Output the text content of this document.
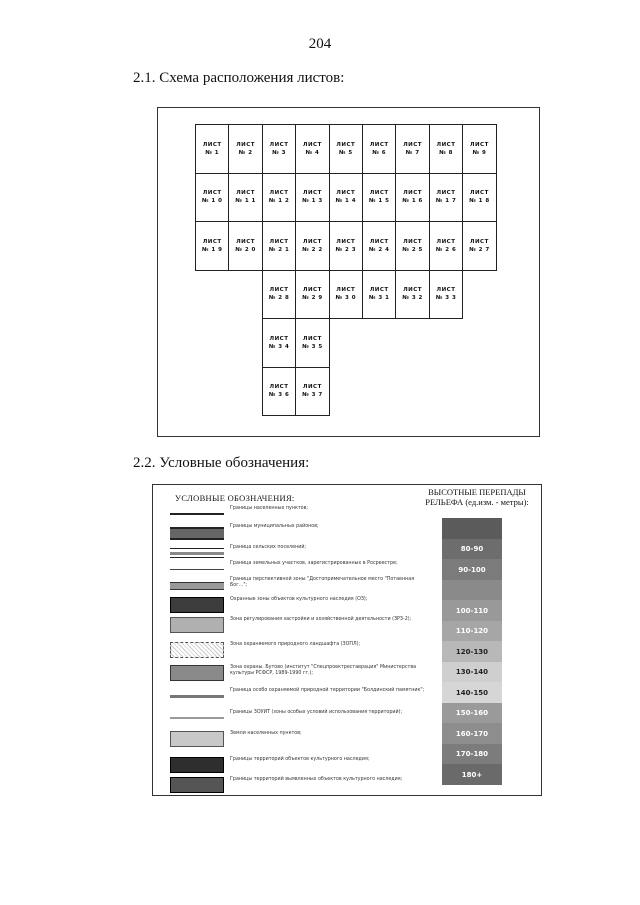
204
2.1. Схема расположения листов:
ЛИСТ
№ 1
ЛИСТ
№ 2
ЛИСТ
№ 3
ЛИСТ
№ 4
ЛИСТ
№ 5
ЛИСТ
№ 6
ЛИСТ
№ 7
ЛИСТ
№ 8
ЛИСТ
№ 9
ЛИСТ
№ 1 0
ЛИСТ
№ 1 1
ЛИСТ
№ 1 2
ЛИСТ
№ 1 3
ЛИСТ
№ 1 4
ЛИСТ
№ 1 5
ЛИСТ
№ 1 6
ЛИСТ
№ 1 7
ЛИСТ
№ 1 8
ЛИСТ
№ 1 9
ЛИСТ
№ 2 0
ЛИСТ
№ 2 1
ЛИСТ
№ 2 2
ЛИСТ
№ 2 3
ЛИСТ
№ 2 4
ЛИСТ
№ 2 5
ЛИСТ
№ 2 6
ЛИСТ
№ 2 7
ЛИСТ
№ 2 8
ЛИСТ
№ 2 9
ЛИСТ
№ 3 0
ЛИСТ
№ 3 1
ЛИСТ
№ 3 2
ЛИСТ
№ 3 3
ЛИСТ
№ 3 4
ЛИСТ
№ 3 5
ЛИСТ
№ 3 6
ЛИСТ
№ 3 7
2.2. Условные обозначения:
УСЛОВНЫЕ ОБОЗНАЧЕНИЯ:
ВЫСОТНЫЕ ПЕРЕПАДЫ РЕЛЬЕФА (ед.изм. - метры):
Границы населенных пунктов;
Границы муниципальных районов;
Граница сельских поселений;
Граница земельных участков, зарегистрированных в Росреестре;
Граница перспективной зоны "Достопримечательное место "Потаенная Бог...";
Охранные зоны объектов культурного наследия (ОЗ);
Зона регулирования застройки и хозяйственной деятельности (ЗРЗ-2);
Зона охраняемого природного ландшафта (ЗОПЛ);
Зона охраны. Бутово (институт "Спецпроектреставрация" Министерства культуры РСФСР, 1989-1990 гг.);
Граница особо охраняемой природной территории "Болдинский памятник";
Границы ЗОУИТ (зоны особых условий использования территорий);
Земли населенных пунктов;
Границы территорий объектов культурного наследия;
Границы территорий выявленных объектов культурного наследия;
80-90
90-100
100-110
110-120
120-130
130-140
140-150
150-160
160-170
170-180
180+
